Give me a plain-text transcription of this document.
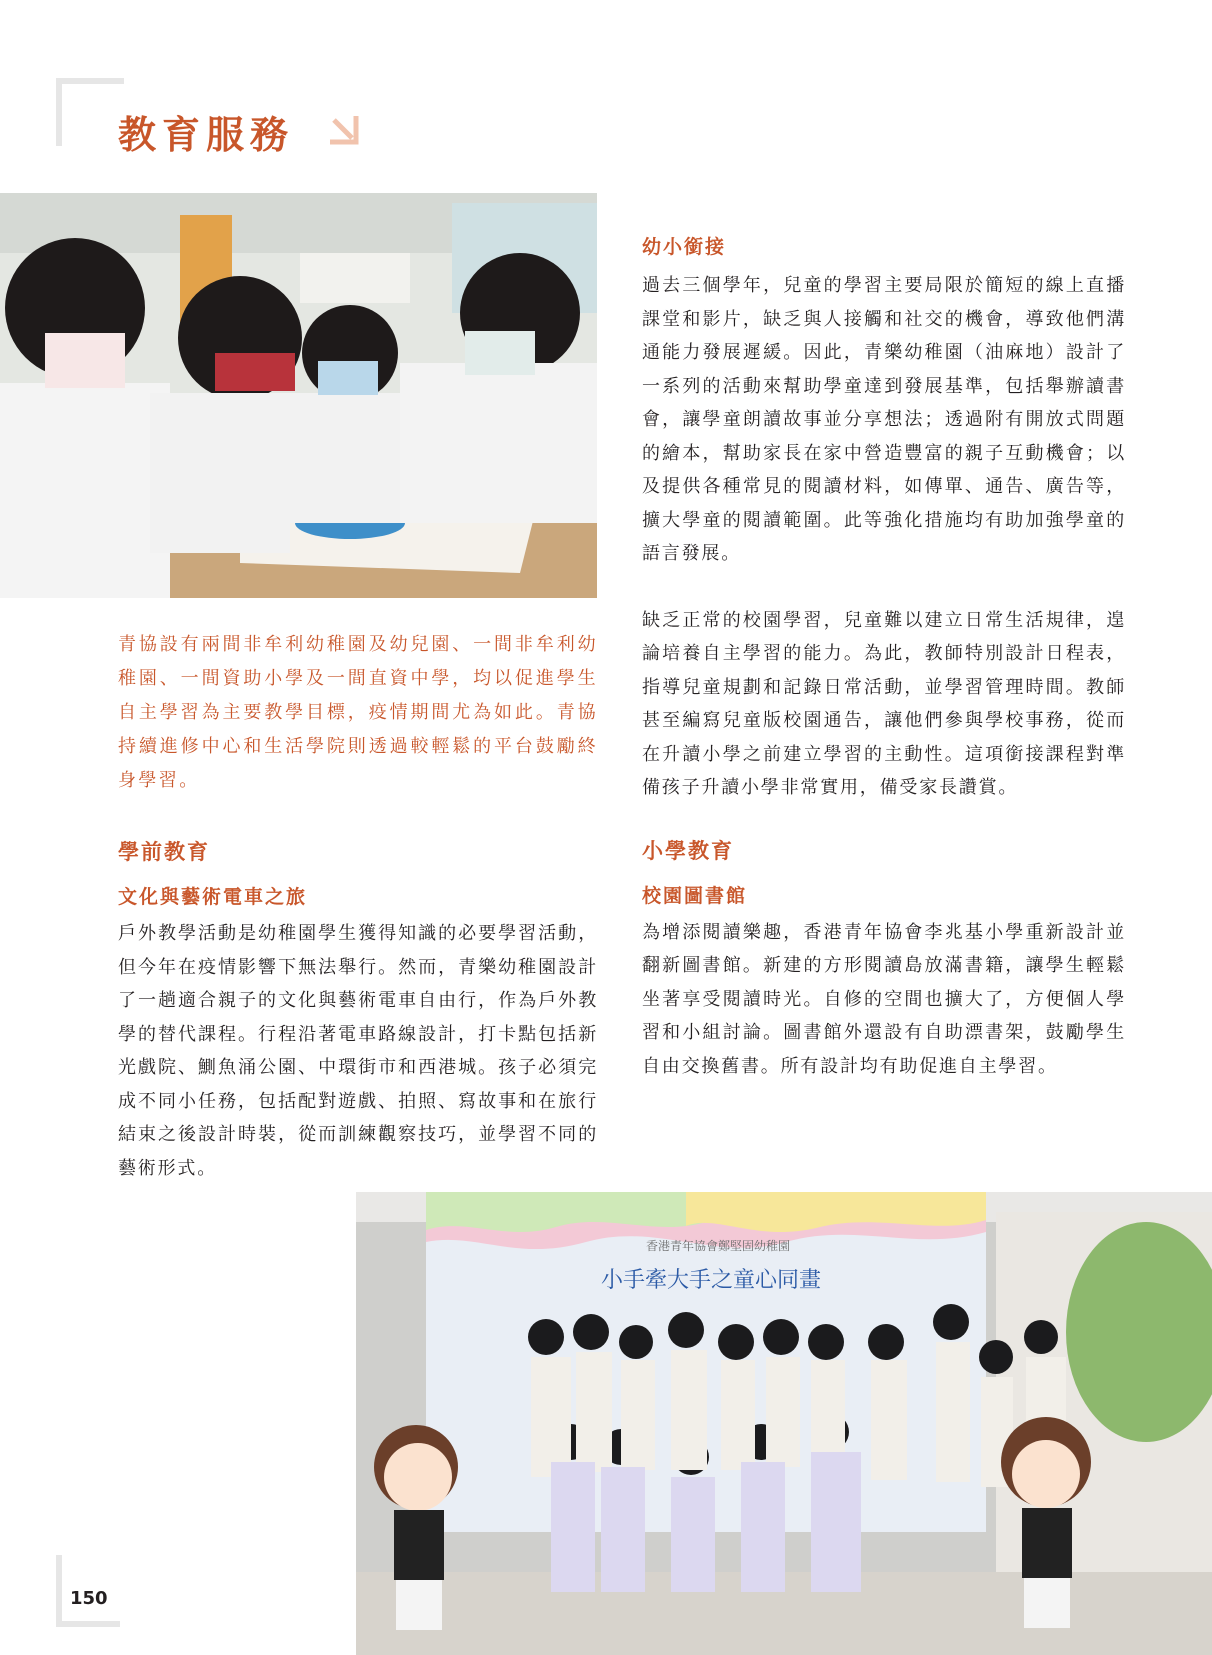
教育服務

青協設有兩間非牟利幼稚園及幼兒園、一間非牟利幼稚園、一間資助小學及一間直資中學，均以促進學生自主學習為主要教學目標，疫情期間尤為如此。青協持續進修中心和生活學院則透過較輕鬆的平台鼓勵終身學習。

學前教育
文化與藝術電車之旅

戶外教學活動是幼稚園學生獲得知識的必要學習活動，但今年在疫情影響下無法舉行。然而，青樂幼稚園設計了一趟適合親子的文化與藝術電車自由行，作為戶外教學的替代課程。行程沿著電車路線設計，打卡點包括新光戲院、鰂魚涌公園、中環街市和西港城。孩子必須完成不同小任務，包括配對遊戲、拍照、寫故事和在旅行結束之後設計時裝，從而訓練觀察技巧，並學習不同的藝術形式。

幼小銜接

過去三個學年，兒童的學習主要局限於簡短的線上直播課堂和影片，缺乏與人接觸和社交的機會，導致他們溝通能力發展遲緩。因此，青樂幼稚園（油麻地）設計了一系列的活動來幫助學童達到發展基準，包括舉辦讀書會，讓學童朗讀故事並分享想法；透過附有開放式問題的繪本，幫助家長在家中營造豐富的親子互動機會；以及提供各種常見的閱讀材料，如傳單、通告、廣告等，擴大學童的閱讀範圍。此等強化措施均有助加強學童的語言發展。

缺乏正常的校園學習，兒童難以建立日常生活規律，遑論培養自主學習的能力。為此，教師特別設計日程表，指導兒童規劃和記錄日常活動，並學習管理時間。教師甚至編寫兒童版校園通告，讓他們參與學校事務，從而在升讀小學之前建立學習的主動性。這項銜接課程對準備孩子升讀小學非常實用，備受家長讚賞。

小學教育
校園圖書館

為增添閱讀樂趣，香港青年協會李兆基小學重新設計並翻新圖書館。新建的方形閱讀島放滿書籍，讓學生輕鬆坐著享受閱讀時光。自修的空間也擴大了，方便個人學習和小組討論。圖書館外還設有自助漂書架，鼓勵學生自由交換舊書。所有設計均有助促進自主學習。

香港青年協會鄭堅固幼稚園
小手牽大手之童心同畫

150
